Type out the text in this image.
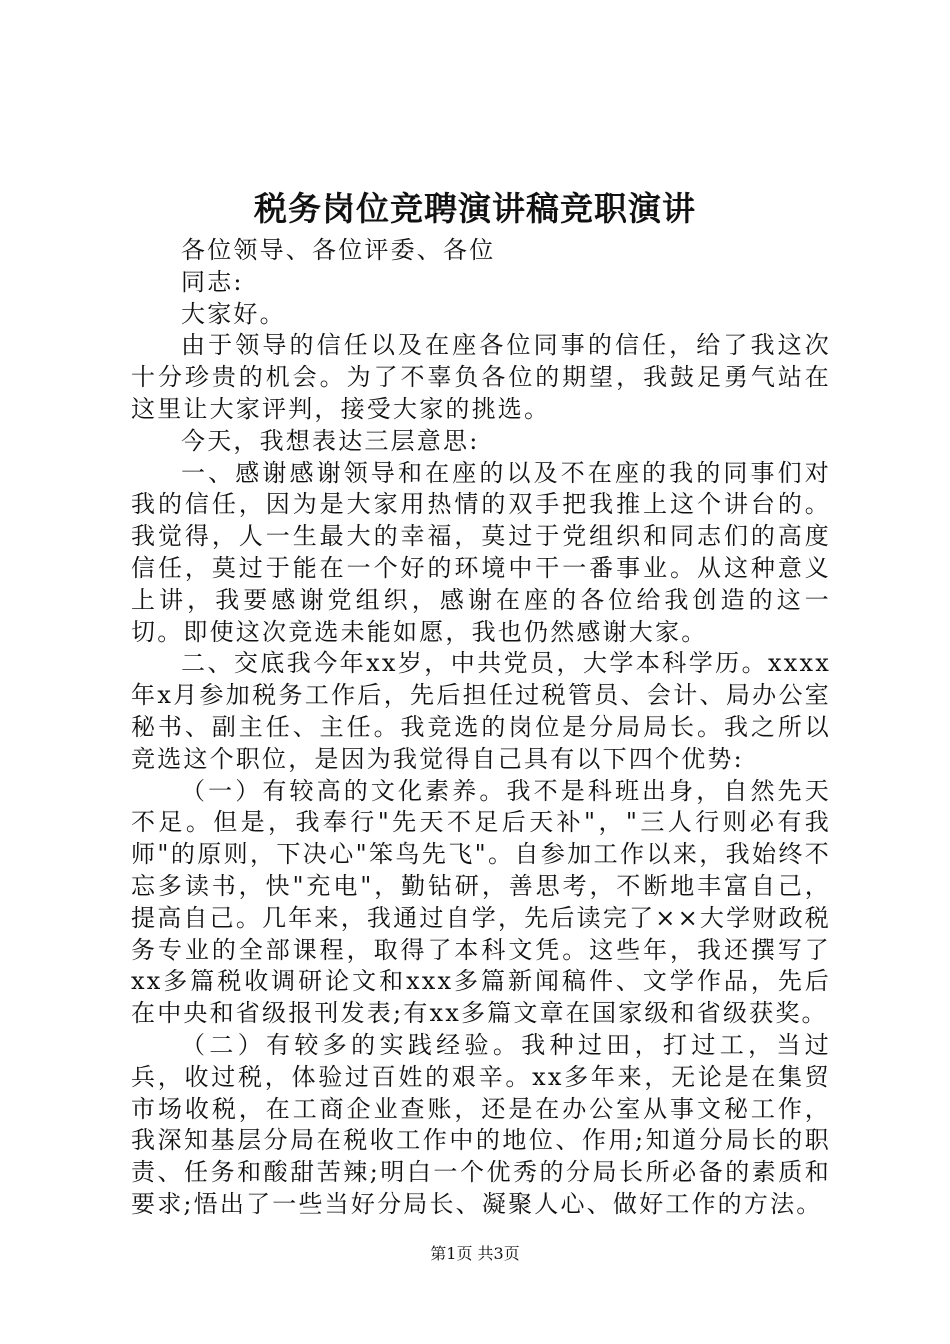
税务岗位竞聘演讲稿竞职演讲

各位领导、各位评委、各位

同志:

大家好。

由于领导的信任以及在座各位同事的信任，给了我这次十分珍贵的机会。为了不辜负各位的期望，我鼓足勇气站在这里让大家评判，接受大家的挑选。

今天，我想表达三层意思:

一、感谢感谢领导和在座的以及不在座的我的同事们对我的信任，因为是大家用热情的双手把我推上这个讲台的。我觉得，人一生最大的幸福，莫过于党组织和同志们的高度信任，莫过于能在一个好的环境中干一番事业。从这种意义上讲，我要感谢党组织，感谢在座的各位给我创造的这一切。即使这次竞选未能如愿，我也仍然感谢大家。

二、交底我今年xx岁，中共党员，大学本科学历。xxxx年x月参加税务工作后，先后担任过税管员、会计、局办公室秘书、副主任、主任。我竞选的岗位是分局局长。我之所以竞选这个职位，是因为我觉得自己具有以下四个优势:

（一）有较高的文化素养。我不是科班出身，自然先天不足。但是，我奉行"先天不足后天补"，"三人行则必有我师"的原则，下决心"笨鸟先飞"。自参加工作以来，我始终不忘多读书，快"充电"，勤钻研，善思考，不断地丰富自己，提高自己。几年来，我通过自学，先后读完了××大学财政税务专业的全部课程，取得了本科文凭。这些年，我还撰写了xx多篇税收调研论文和xxx多篇新闻稿件、文学作品，先后在中央和省级报刊发表;有xx多篇文章在国家级和省级获奖。

（二）有较多的实践经验。我种过田，打过工，当过兵，收过税，体验过百姓的艰辛。xx多年来，无论是在集贸市场收税，在工商企业查账，还是在办公室从事文秘工作，我深知基层分局在税收工作中的地位、作用;知道分局长的职责、任务和酸甜苦辣;明白一个优秀的分局长所必备的素质和要求;悟出了一些当好分局长、凝聚人心、做好工作的方法。

第1页 共3页
